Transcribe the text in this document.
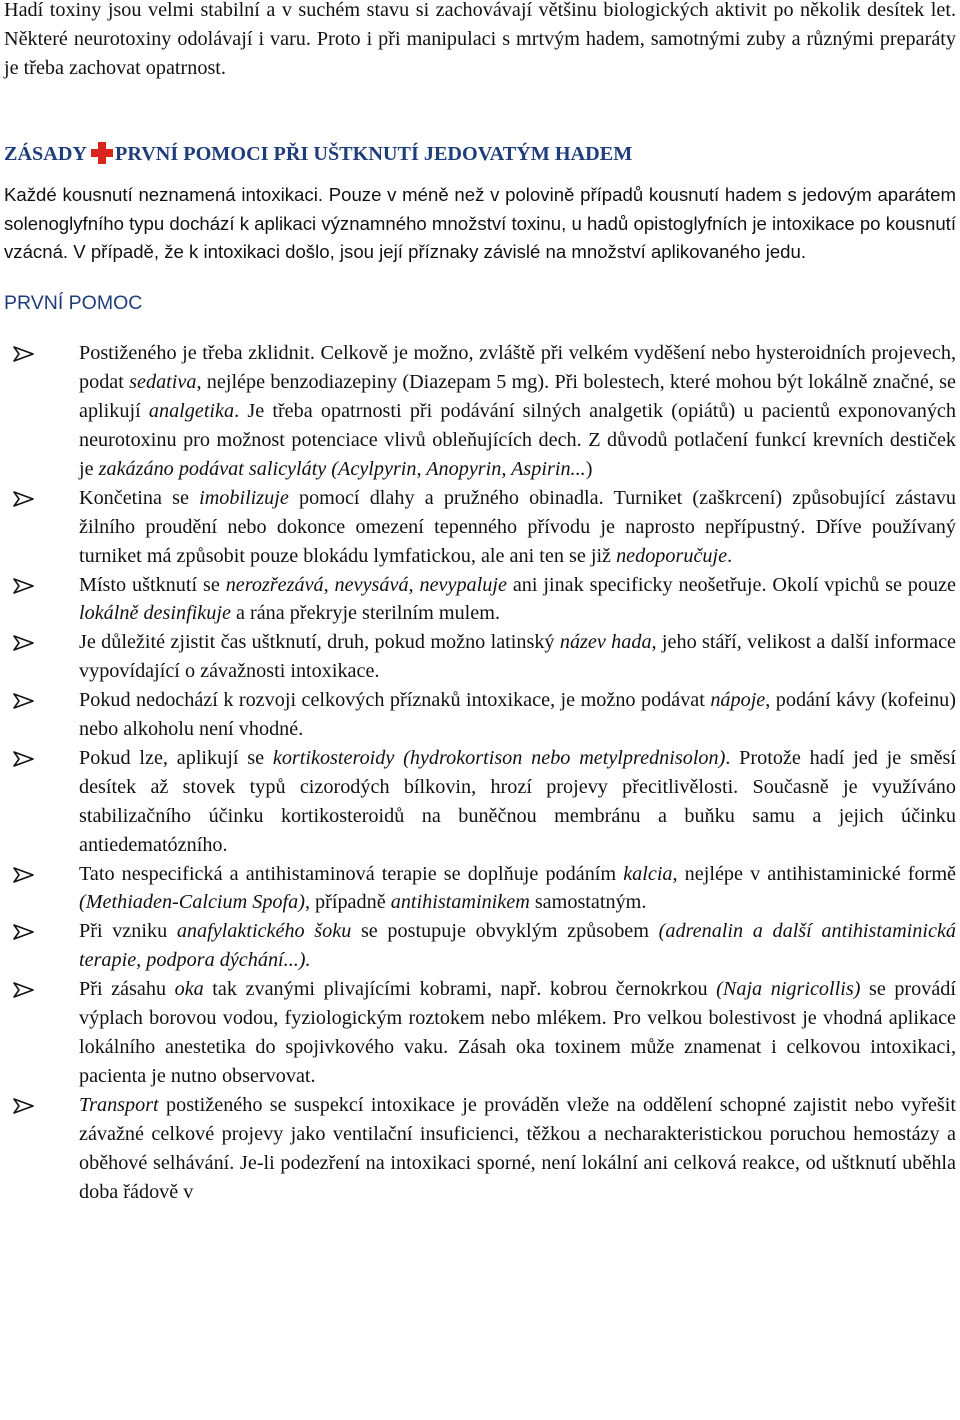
Hadí toxiny jsou velmi stabilní a v suchém stavu si zachovávají většinu biologických aktivit po několik desítek let. Některé neurotoxiny odolávají i varu. Proto i při manipulaci s mrtvým hadem, samotnými zuby a různými preparáty je třeba zachovat opatrnost.

ZÁSADY PRVNÍ POMOCI PŘI UŠTKNUTÍ JEDOVATÝM HADEM

Každé kousnutí neznamená intoxikaci. Pouze v méně než v polovině případů kousnutí hadem s jedovým aparátem solenoglyfního typu dochází k aplikaci významného množství toxinu, u hadů opistoglyfních je intoxikace po kousnutí vzácná. V případě, že k intoxikaci došlo, jsou její příznaky závislé na množství aplikovaného jedu.

PRVNÍ POMOC
Postiženého je třeba zklidnit. Celkově je možno, zvláště při velkém vyděšení nebo hysteroidních projevech, podat sedativa, nejlépe benzodiazepiny (Diazepam 5 mg). Při bolestech, které mohou být lokálně značné, se aplikují analgetika. Je třeba opatrnosti při podávání silných analgetik (opiátů) u pacientů exponovaných neurotoxinu pro možnost potenciace vlivů obleňujících dech. Z důvodů potlačení funkcí krevních destiček je zakázáno podávat salicyláty (Acylpyrin, Anopyrin, Aspirin...)
Končetina se imobilizuje pomocí dlahy a pružného obinadla. Turniket (zaškrcení) způsobující zástavu žilního proudění nebo dokonce omezení tepenného přívodu je naprosto nepřípustný. Dříve používaný turniket má způsobit pouze blokádu lymfatickou, ale ani ten se již nedoporučuje.
Místo uštknutí se nerozřezává, nevysává, nevypaluje ani jinak specificky neošetřuje. Okolí vpichů se pouze lokálně desinfikuje a rána překryje sterilním mulem.
Je důležité zjistit čas uštknutí, druh, pokud možno latinský název hada, jeho stáří, velikost a další informace vypovídající o závažnosti intoxikace.
Pokud nedochází k rozvoji celkových příznaků intoxikace, je možno podávat nápoje, podání kávy (kofeinu) nebo alkoholu není vhodné.
Pokud lze, aplikují se kortikosteroidy (hydrokortison nebo metylprednisolon). Protože hadí jed je směsí desítek až stovek typů cizorodých bílkovin, hrozí projevy přecitlivělosti. Současně je využíváno stabilizačního účinku kortikosteroidů na buněčnou membránu a buňku samu a jejich účinku antiedematózního.
Tato nespecifická a antihistaminová terapie se doplňuje podáním kalcia, nejlépe v antihistaminické formě (Methiaden-Calcium Spofa), případně antihistaminikem samostatným.
Při vzniku anafylaktického šoku se postupuje obvyklým způsobem (adrenalin a další antihistaminická terapie, podpora dýchání...).
Při zásahu oka tak zvanými plivajícími kobrami, např. kobrou černokrkou (Naja nigricollis) se provádí výplach borovou vodou, fyziologickým roztokem nebo mlékem. Pro velkou bolestivost je vhodná aplikace lokálního anestetika do spojivkového vaku. Zásah oka toxinem může znamenat i celkovou intoxikaci, pacienta je nutno observovat.
Transport postiženého se suspekcí intoxikace je prováděn vleže na oddělení schopné zajistit nebo vyřešit závažné celkové projevy jako ventilační insuficienci, těžkou a necharakteristickou poruchou hemostázy a oběhové selhávání. Je-li podezření na intoxikaci sporné, není lokální ani celková reakce, od uštknutí uběhla doba řádově v
